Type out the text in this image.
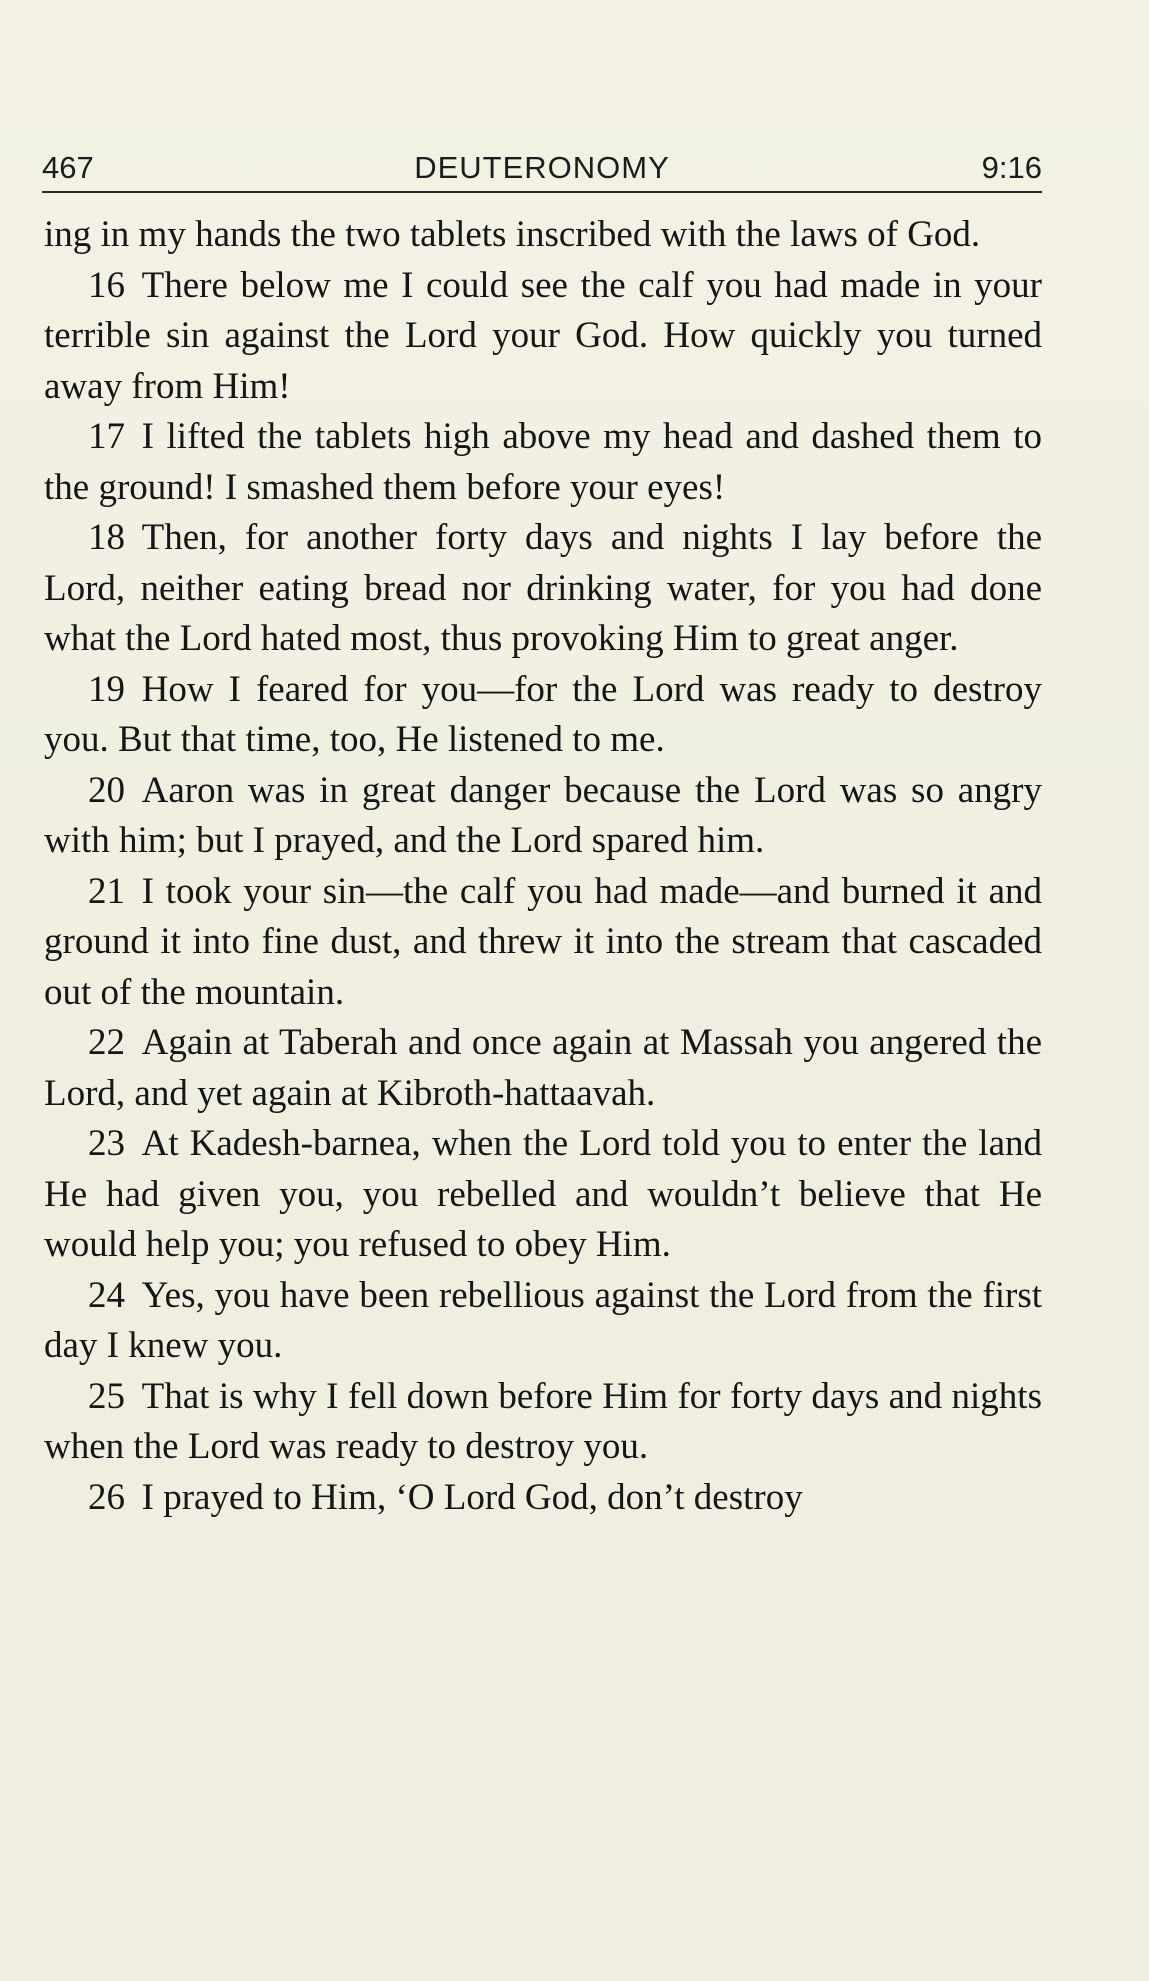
467	DEUTERONOMY	9:16

ing in my hands the two tablets inscribed with the laws of God.

16 There below me I could see the calf you had made in your terrible sin against the Lord your God. How quickly you turned away from Him!

17 I lifted the tablets high above my head and dashed them to the ground! I smashed them before your eyes!

18 Then, for another forty days and nights I lay before the Lord, neither eating bread nor drinking water, for you had done what the Lord hated most, thus provoking Him to great anger.

19 How I feared for you—for the Lord was ready to destroy you. But that time, too, He listened to me.

20 Aaron was in great danger because the Lord was so angry with him; but I prayed, and the Lord spared him.

21 I took your sin—the calf you had made—and burned it and ground it into fine dust, and threw it into the stream that cascaded out of the mountain.

22 Again at Taberah and once again at Massah you angered the Lord, and yet again at Kibroth-hattaavah.

23 At Kadesh-barnea, when the Lord told you to enter the land He had given you, you rebelled and wouldn’t believe that He would help you; you refused to obey Him.

24 Yes, you have been rebellious against the Lord from the first day I knew you.

25 That is why I fell down before Him for forty days and nights when the Lord was ready to destroy you.

26 I prayed to Him, ‘O Lord God, don’t destroy
